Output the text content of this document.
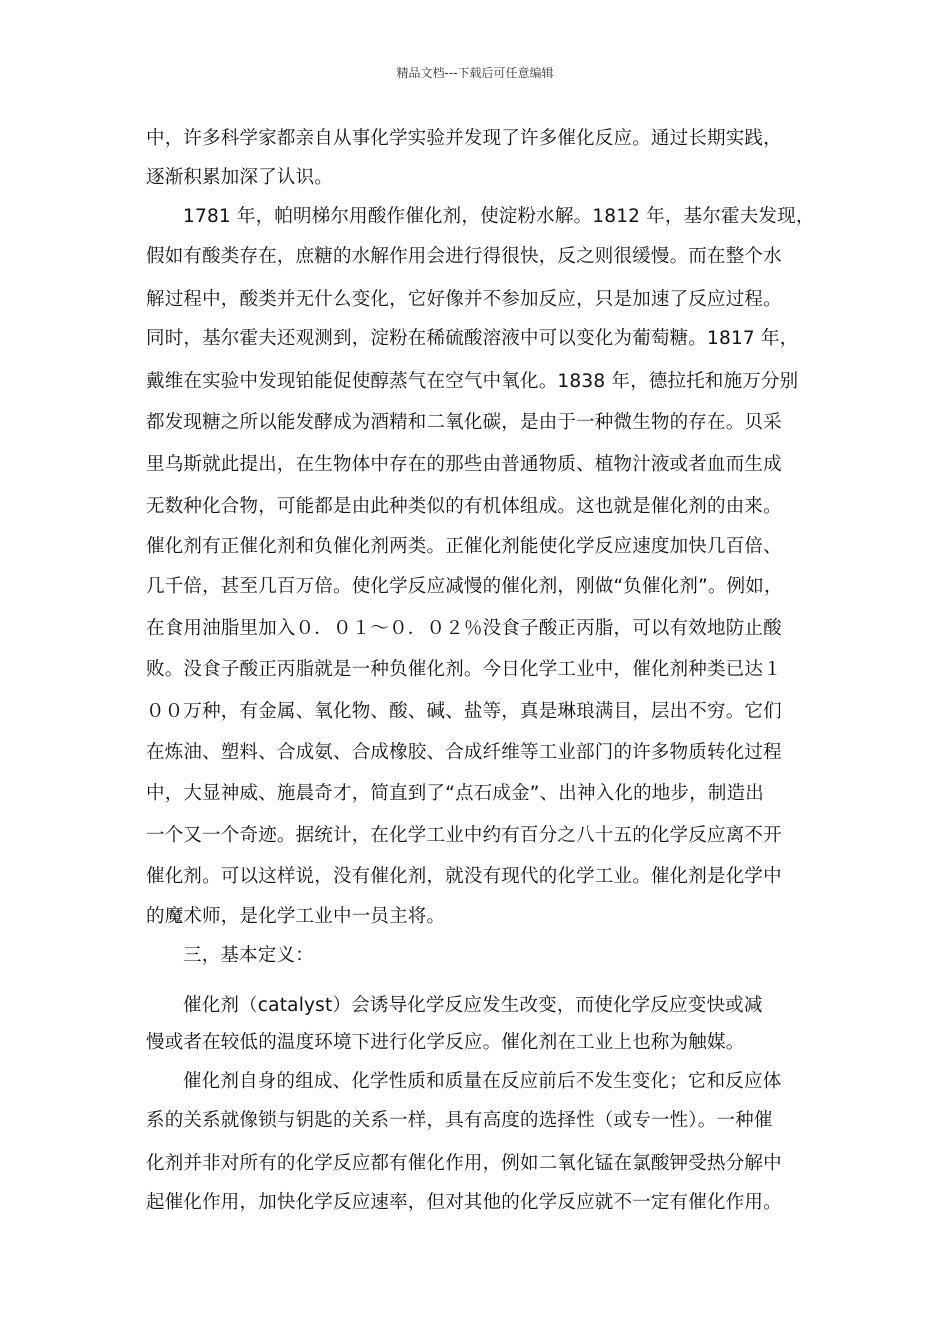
精品文档---下载后可任意编辑
中，许多科学家都亲自从事化学实验并发现了许多催化反应。通过长期实践，
逐渐积累加深了认识。
1781 年，帕明梯尔用酸作催化剂，使淀粉水解。1812 年，基尔霍夫发现，
假如有酸类存在，庶糖的水解作用会进行得很快，反之则很缓慢。而在整个水
解过程中，酸类并无什么变化，它好像并不参加反应，只是加速了反应过程。
同时，基尔霍夫还观测到，淀粉在稀硫酸溶液中可以变化为葡萄糖。1817 年，
戴维在实验中发现铂能促使醇蒸气在空气中氧化。1838 年，德拉托和施万分别
都发现糖之所以能发酵成为酒精和二氧化碳，是由于一种微生物的存在。贝采
里乌斯就此提出，在生物体中存在的那些由普通物质、植物汁液或者血而生成
无数种化合物，可能都是由此种类似的有机体组成。这也就是催化剂的由来。
催化剂有正催化剂和负催化剂两类。正催化剂能使化学反应速度加快几百倍、
几千倍，甚至几百万倍。使化学反应减慢的催化剂，刚做“负催化剂”。例如，
在食用油脂里加入０．０１～０．０２％没食子酸正丙脂，可以有效地防止酸
败。没食子酸正丙脂就是一种负催化剂。今日化学工业中，催化剂种类已达１
００万种，有金属、氧化物、酸、碱、盐等，真是琳琅满目，层出不穷。它们
在炼油、塑料、合成氨、合成橡胶、合成纤维等工业部门的许多物质转化过程
中，大显神威、施晨奇才，简直到了“点石成金”、出神入化的地步，制造出
一个又一个奇迹。据统计，在化学工业中约有百分之八十五的化学反应离不开
催化剂。可以这样说，没有催化剂，就没有现代的化学工业。催化剂是化学中
的魔术师，是化学工业中一员主将。
三，基本定义：
催化剂（catalyst）会诱导化学反应发生改变，而使化学反应变快或减
慢或者在较低的温度环境下进行化学反应。催化剂在工业上也称为触媒。
催化剂自身的组成、化学性质和质量在反应前后不发生变化；它和反应体
系的关系就像锁与钥匙的关系一样，具有高度的选择性（或专一性）。一种催
化剂并非对所有的化学反应都有催化作用，例如二氧化锰在氯酸钾受热分解中
起催化作用，加快化学反应速率，但对其他的化学反应就不一定有催化作用。
